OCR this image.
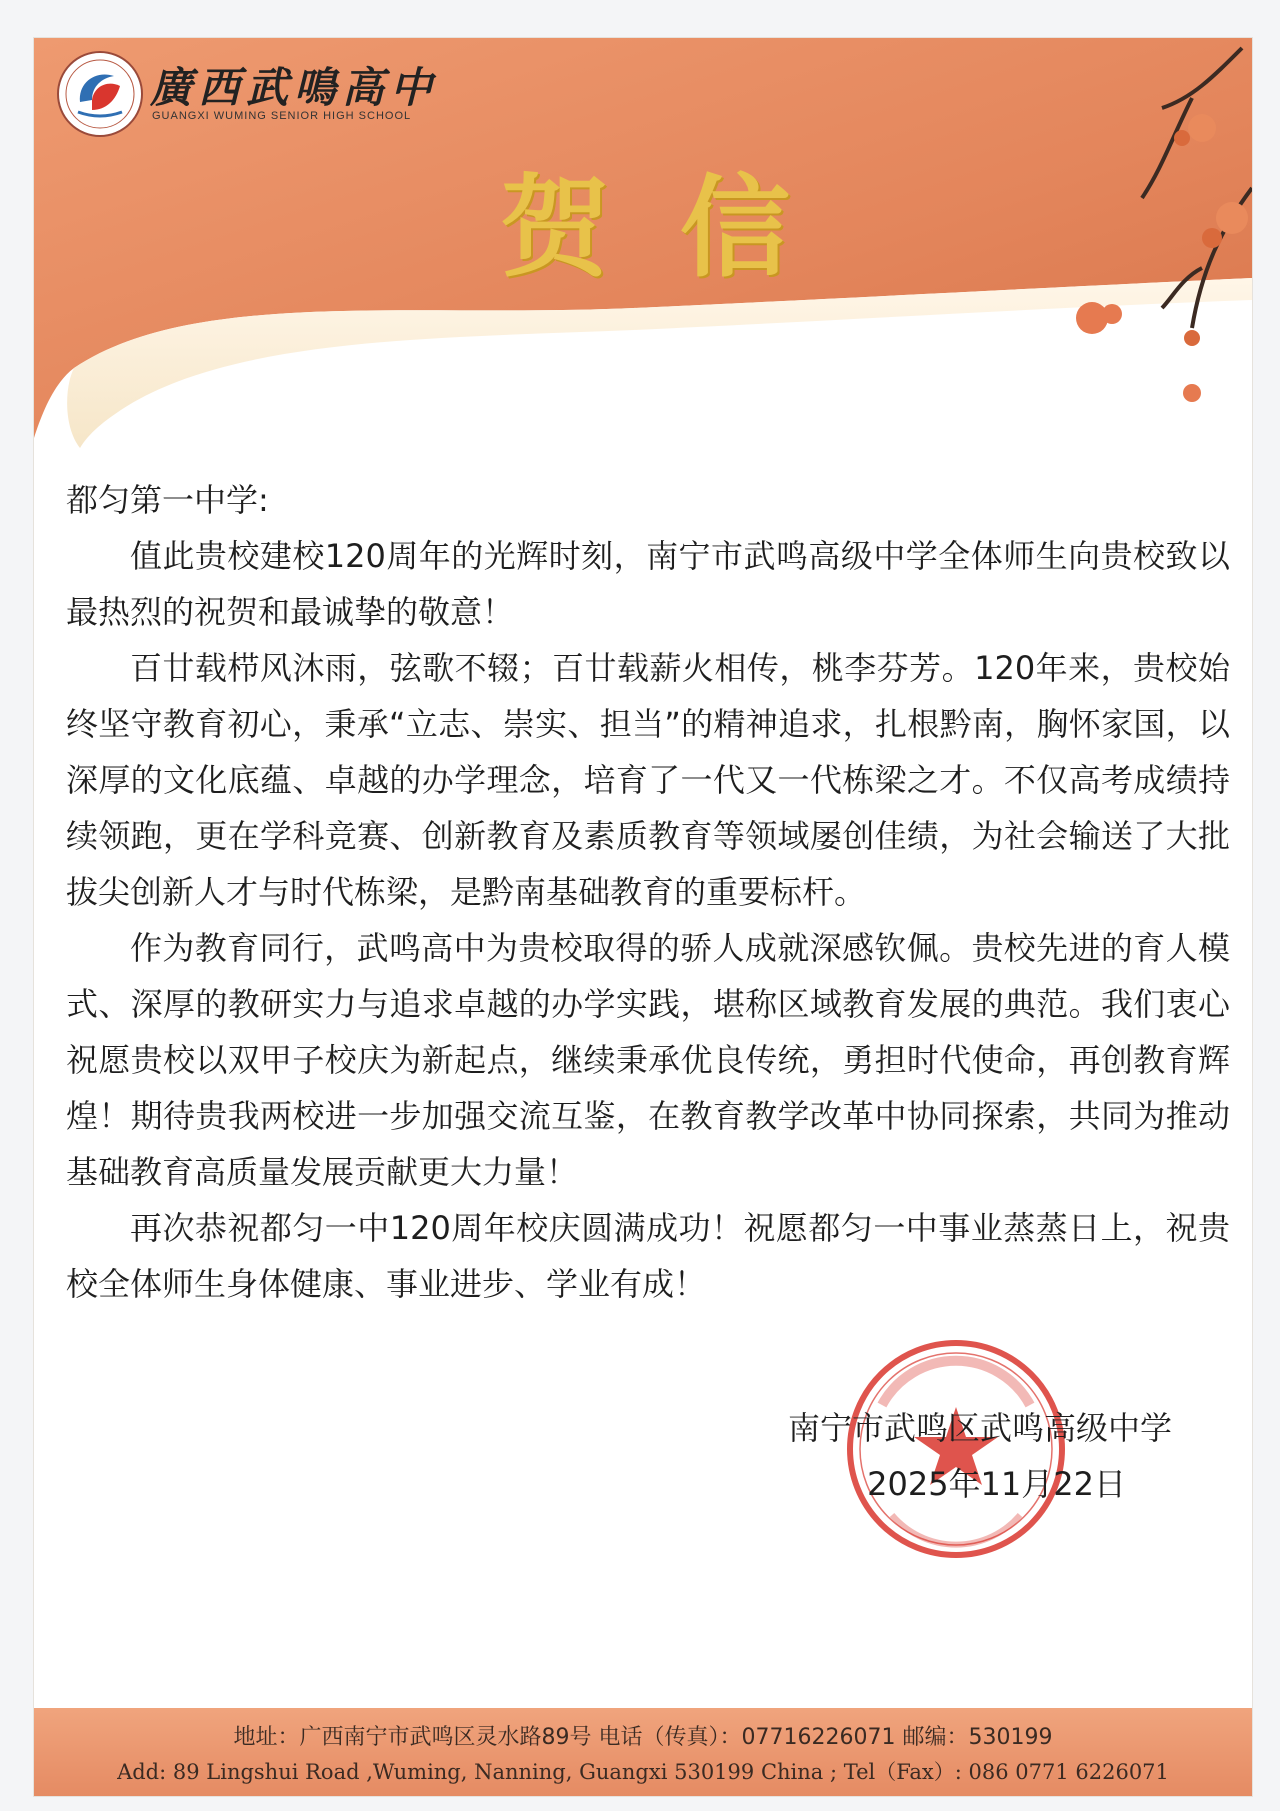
廣西武鳴高中
GUANGXI WUMING SENIOR HIGH SCHOOL
贺信

都匀第一中学:

值此贵校建校120周年的光辉时刻，南宁市武鸣高级中学全体师生向贵校致以最热烈的祝贺和最诚挚的敬意！

百廿载栉风沐雨，弦歌不辍；百廿载薪火相传，桃李芬芳。120年来，贵校始终坚守教育初心，秉承“立志、崇实、担当”的精神追求，扎根黔南，胸怀家国，以深厚的文化底蕴、卓越的办学理念，培育了一代又一代栋梁之才。不仅高考成绩持续领跑，更在学科竞赛、创新教育及素质教育等领域屡创佳绩，为社会输送了大批拔尖创新人才与时代栋梁，是黔南基础教育的重要标杆。

作为教育同行，武鸣高中为贵校取得的骄人成就深感钦佩。贵校先进的育人模式、深厚的教研实力与追求卓越的办学实践，堪称区域教育发展的典范。我们衷心祝愿贵校以双甲子校庆为新起点，继续秉承优良传统，勇担时代使命，再创教育辉煌！期待贵我两校进一步加强交流互鉴，在教育教学改革中协同探索，共同为推动基础教育高质量发展贡献更大力量！

再次恭祝都匀一中120周年校庆圆满成功！祝愿都匀一中事业蒸蒸日上，祝贵校全体师生身体健康、事业进步、学业有成！

南宁市武鸣区武鸣高级中学
2025年11月22日
地址：广西南宁市武鸣区灵水路89号 电话（传真）：07716226071 邮编：530199
Add: 89 Lingshui Road ,Wuming, Nanning, Guangxi 530199 China ; Tel（Fax）: 086 0771 6226071
